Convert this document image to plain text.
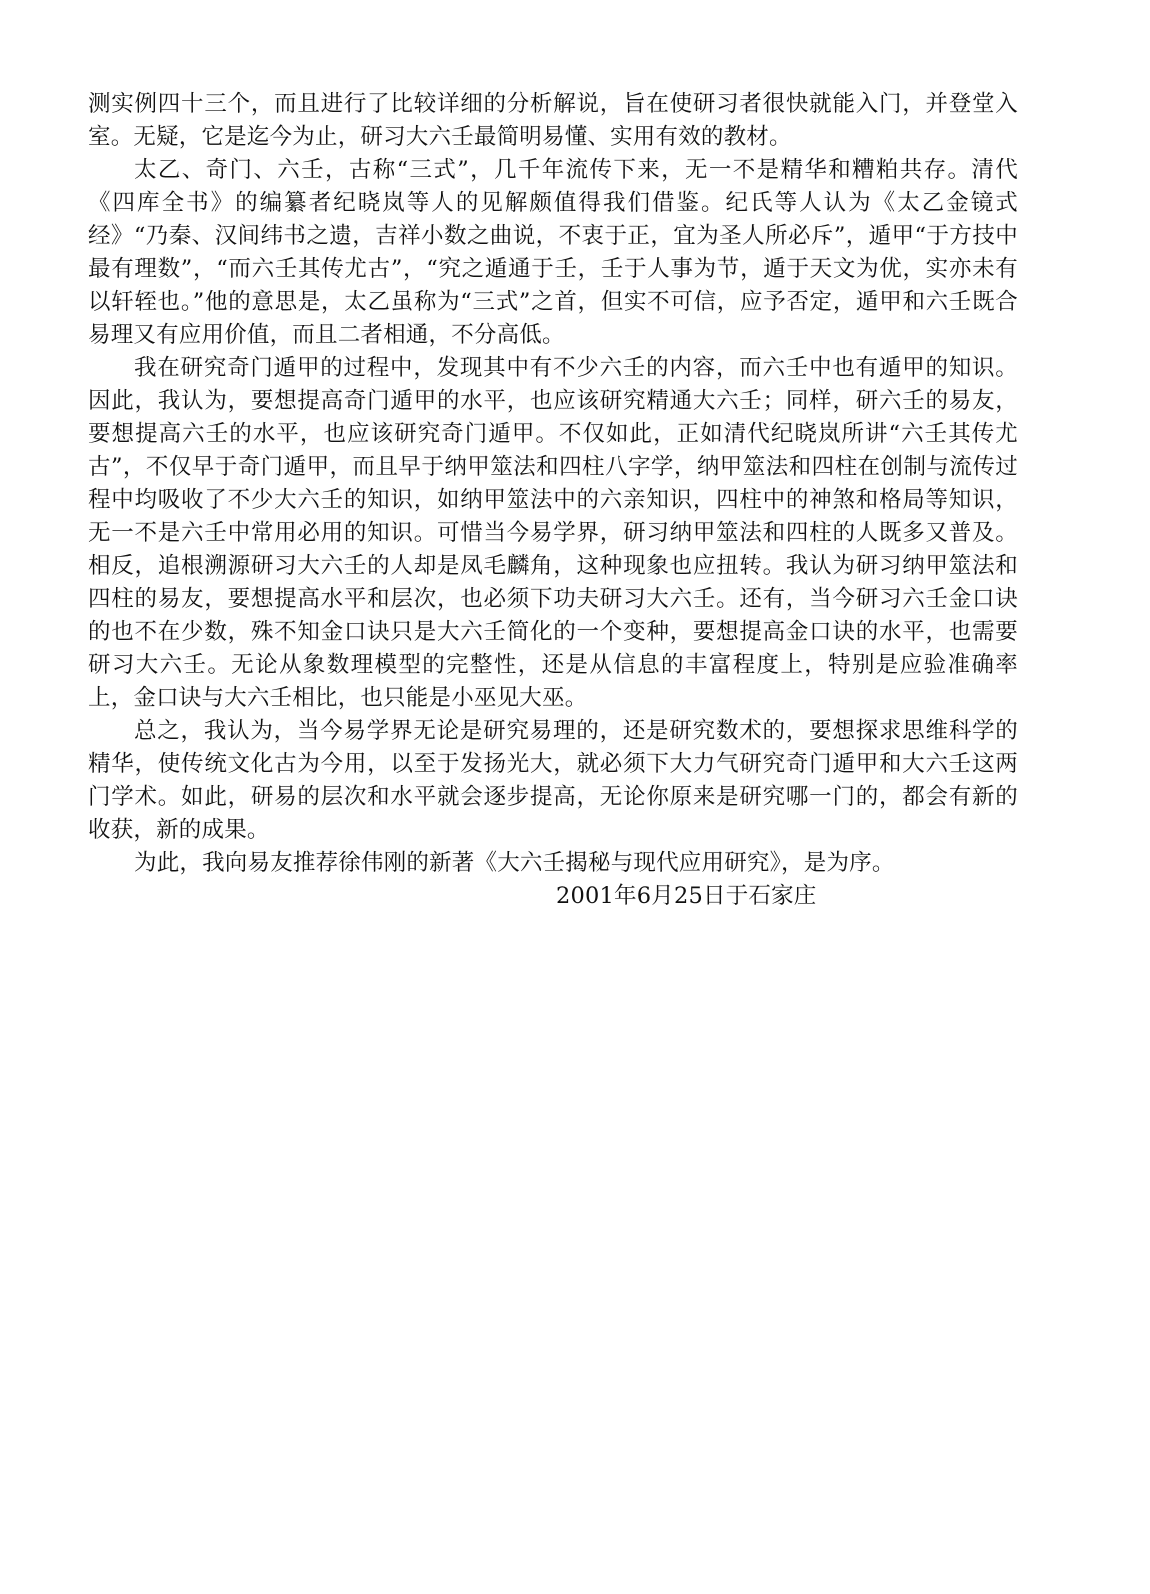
测实例四十三个，而且进行了比较详细的分析解说，旨在使研习者很快就能入门，并登堂入室。无疑，它是迄今为止，研习大六壬最简明易懂、实用有效的教材。

太乙、奇门、六壬，古称“三式”，几千年流传下来，无一不是精华和糟粕共存。清代《四库全书》的编纂者纪晓岚等人的见解颇值得我们借鉴。纪氏等人认为《太乙金镜式经》“乃秦、汉间纬书之遗，吉祥小数之曲说，不衷于正，宜为圣人所必斥”，遁甲“于方技中最有理数”，“而六壬其传尤古”，“究之遁通于壬，壬于人事为节，遁于天文为优，实亦未有以轩轾也。”他的意思是，太乙虽称为“三式”之首，但实不可信，应予否定，遁甲和六壬既合易理又有应用价值，而且二者相通，不分高低。

我在研究奇门遁甲的过程中，发现其中有不少六壬的内容，而六壬中也有遁甲的知识。因此，我认为，要想提高奇门遁甲的水平，也应该研究精通大六壬；同样，研六壬的易友，要想提高六壬的水平，也应该研究奇门遁甲。不仅如此，正如清代纪晓岚所讲“六壬其传尤古”，不仅早于奇门遁甲，而且早于纳甲筮法和四柱八字学，纳甲筮法和四柱在创制与流传过程中均吸收了不少大六壬的知识，如纳甲筮法中的六亲知识，四柱中的神煞和格局等知识，无一不是六壬中常用必用的知识。可惜当今易学界，研习纳甲筮法和四柱的人既多又普及。相反，追根溯源研习大六壬的人却是凤毛麟角，这种现象也应扭转。我认为研习纳甲筮法和四柱的易友，要想提高水平和层次，也必须下功夫研习大六壬。还有，当今研习六壬金口诀的也不在少数，殊不知金口诀只是大六壬简化的一个变种，要想提高金口诀的水平，也需要研习大六壬。无论从象数理模型的完整性，还是从信息的丰富程度上，特别是应验准确率上，金口诀与大六壬相比，也只能是小巫见大巫。

总之，我认为，当今易学界无论是研究易理的，还是研究数术的，要想探求思维科学的精华，使传统文化古为今用，以至于发扬光大，就必须下大力气研究奇门遁甲和大六壬这两门学术。如此，研易的层次和水平就会逐步提高，无论你原来是研究哪一门的，都会有新的收获，新的成果。

为此，我向易友推荐徐伟刚的新著《大六壬揭秘与现代应用研究》，是为序。

2001年6月25日于石家庄
